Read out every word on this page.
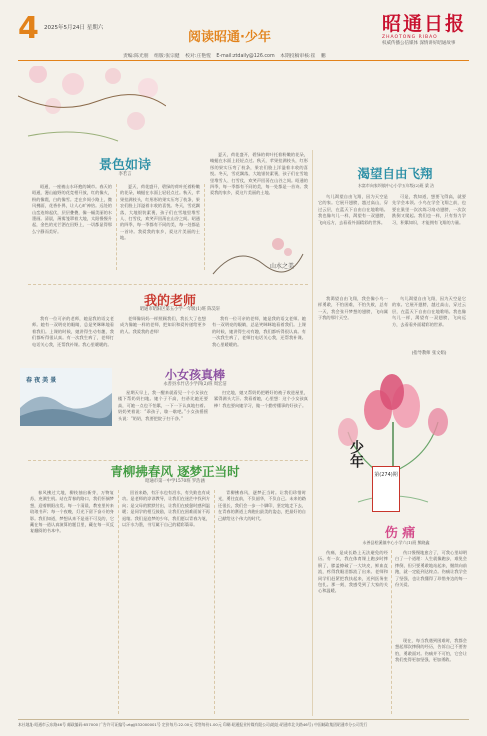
4 2025年5月24日 星期六
阅读昭通·少年
昭通日报
ZHAOTONG RIBAO
权威传播公信媒体 深情讲好昭通故事
责编:陈光朋 组版:张宗健 校对:庄艳惺 E-mail:ztdaily@126.com 本期投稿审核:崔 鹏
景色如诗
李若言
昭通，一座被山水环抱的城市。春天的昭通，漫山遍野的花竞相开放，红的像火，粉的像霞，白的像雪。走在乡间小路上，微风拂面，花香扑鼻，让人心旷神怡。远处的山峦连绵起伏，层层叠叠，像一幅美丽的水墨画。清晨，薄雾笼罩着大地，太阳慢慢升起，金色的光芒洒在田野上，一切都显得那么宁静而美好。
夏天，荷花盛开，碧绿的荷叶托着粉嫩的花朵，蜻蜓在水面上轻轻点过。秋天，苹果挂满枝头，红彤彤的果实压弯了枝条，果农们脸上洋溢着丰收的喜悦。冬天，雪花飘落，大地银装素裹，孩子们在雪地里堆雪人、打雪仗，欢笑声回荡在山谷之间。昭通的四季，每一季都有不同的美，每一处都是一首诗。我爱我的家乡，爱这片美丽的土地。
山水之美
夏天，荷花盛开，碧绿的荷叶托着粉嫩的花朵，蜻蜓在水面上轻轻点过。秋天，苹果挂满枝头，红彤彤的果实压弯了枝条，果农们脸上洋溢着丰收的喜悦。冬天，雪花飘落，大地银装素裹，孩子们在雪地里堆雪人、打雪仗，欢笑声回荡在山谷之间。昭通的四季，每一季都有不同的美，每一处都是一首诗。我爱我的家乡，爱这片美丽的土地。
我的老师
昭通市昭阳区第五小学一年级(1)班 陈昊轩
我有一位可亲的老师，她是我的语文老师。她有一双明亮的眼睛，总是笑眯眯地看着我们。上课的时候，她讲得生动有趣，我们都听得很认真。有一次我生病了，老师打电话关心我，还帮我补课。我心里暖暖的。
老师像妈妈一样照顾我们，我长大了也想成为像她一样的老师，把知识和爱传递给更多的人。我爱我的老师！
我有一位可亲的老师，她是我的语文老师。她有一双明亮的眼睛，总是笑眯眯地看着我们。上课的时候，她讲得生动有趣，我们都听得很认真。有一次我生病了，老师打电话关心我，还帮我补课。我心里暖暖的。
春 夜 美 景	小女孩真棒
永善县水竹店小学四(2)班 周宏洁
星期天早上，我一醒来就看见一个小女孩在楼下帮奶奶扫地。她个子不高，扫帚比她还要高，可她一点也不怕累，一下一下认真地扫着。奶奶笑着说：“乖孩子，歇一歇吧。”小女孩摇摇头说：“奶奶，我要把院子扫干净。”
扫完地，她又帮奶奶把晒好的被子收进屋里，累得满头大汗。我看着她，心里想：这个小女孩真棒！我也要向她学习，做一个勤劳懂事的好孩子。
青柳拂春风 逐梦正当时
昭通市第一中学1570班 罗浩涵
春风拂过大地，柳枝抽出新芽，万物复苏，充满生机。站在青春的路口，我们怀揣梦想，迎着朝阳出发。每一个清晨，教室里传来琅琅书声；每一个夜晚，灯光下留下奋斗的身影。我们知道，梦想从来不是遥不可及的，它藏在每一道认真演算的题目里，藏在每一页反复翻阅的书本中。
回首来路，有汗水也有泪水，有失败也有成功。是老师的谆谆教导，让我们在迷茫中找到方向；是父母的默默付出，让我们在疲惫时感到温暖；是同学的相互鼓励，让我们在困难面前不再退缩。我们是追梦的少年，我们愿以青春为笔，以汗水为墨，书写属于自己的精彩篇章。
青柳拂春风，逐梦正当时。让我们珍惜时光，勇往直前，不负韶华，不负自己。未来的路还很长，我们会一步一个脚印，坚定地走下去，在青春的赛道上奔跑出最美的姿态，把最好的自己献给这个伟大的时代。
渴望自由飞翔
水富市向家坝镇中心小学五年级(2)班 梁 洁
鸟儿渴望自由飞翔，因为天空是它的家。它展开翅膀，越过高山，穿过云层，在蓝天下自由自在地歌唱。我也像鸟儿一样，渴望有一双翅膀，飞向远方，去看看外面精彩的世界。
可是，我知道，想要飞得高，就要先学会本领。小鸟在学会飞翔之前，也要在巢里一次次练习扇动翅膀，一次次跌倒又爬起。我们也一样，只有努力学习，积累知识，才能拥有飞翔的力量。
我渴望自由飞翔，我会像小鸟一样勇敢，不怕困难，不怕失败，总有一天，我会张开梦想的翅膀，飞向属于我的那片天空。
鸟儿渴望自由飞翔，因为天空是它的家。它展开翅膀，越过高山，穿过云层，在蓝天下自由自在地歌唱。我也像鸟儿一样，渴望有一双翅膀，飞向远方，去看看外面精彩的世界。
(指导教师 张文娟)
第(274)期
少年
伤 痛
永善县桧溪镇中心小学六(1)班 熊晓鑫
伤痛，是成长路上无法避免的经历。有一次，我在体育课上跑步时摔倒了，膝盖擦破了一大块皮，鲜血直流，疼得我眼泪都流了出来。老师和同学们赶紧把我扶起来，送到医务室包扎。那一刻，我感受到了大家的关心和温暖。
伤口慢慢地愈合了，可我心里却明白了一个道理：人生就像跑步，难免会摔倒，但只要勇敢地站起来，继续向前跑，就一定能到达终点。伤痛让我学会了坚强，也让我懂得了珍惜身边的每一份关爱。
现在，每当我遇到困难时，我都会想起那次摔倒的经历，告诉自己不要害怕，勇敢面对。伤痛并不可怕，它会让我们变得更加坚强，更加勇敢。
本社地址:昭通市云东路46号 邮政编码:657000 广告许可证编号:ztgjj532000001号 定价每月:22.00元 零售每份1.00元 印刷:昭通报业传媒有限公司(地址:昭通市北关路46号) 中国邮政集团昭通市分公司发行
